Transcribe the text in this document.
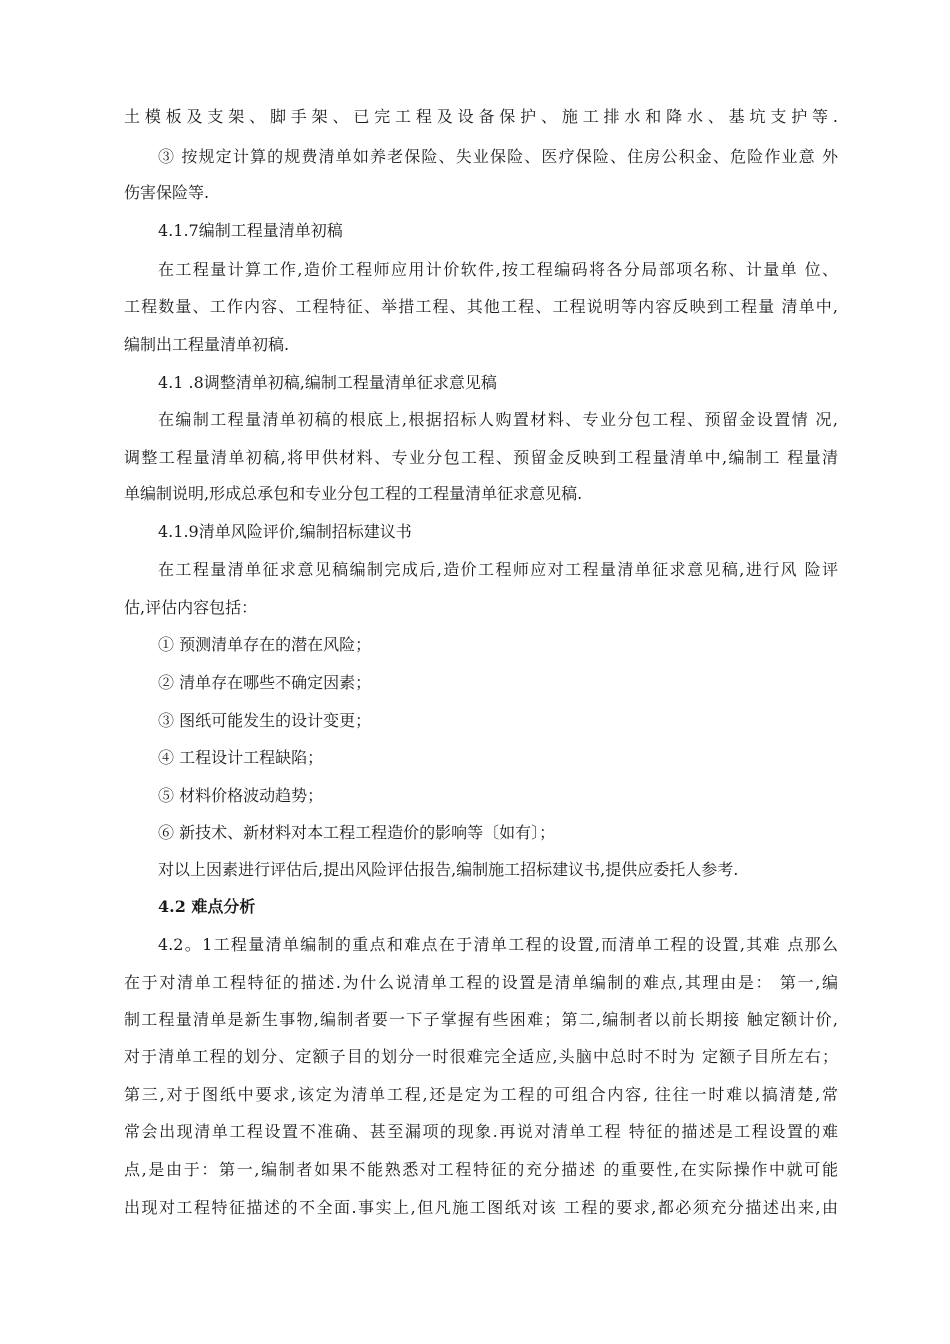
土模板及支架、脚手架、已完工程及设备保护、施工排水和降水、基坑支护等.
③ 按规定计算的规费清单如养老保险、失业保险、医疗保险、住房公积金、危险作业意 外
伤害保险等.
4.1.7编制工程量清单初稿
在工程量计算工作,造价工程师应用计价软件,按工程编码将各分局部项名称、计量单 位、
工程数量、工作内容、工程特征、举措工程、其他工程、工程说明等内容反映到工程量 清单中,
编制出工程量清单初稿.
4.1 .8调整清单初稿,编制工程量清单征求意见稿
在编制工程量清单初稿的根底上,根据招标人购置材料、专业分包工程、预留金设置情 况,
调整工程量清单初稿,将甲供材料、专业分包工程、预留金反映到工程量清单中,编制工 程量清
单编制说明,形成总承包和专业分包工程的工程量清单征求意见稿.
4.1.9清单风险评价,编制招标建议书
在工程量清单征求意见稿编制完成后,造价工程师应对工程量清单征求意见稿,进行风 险评
估,评估内容包括：
① 预测清单存在的潜在风险；
② 清单存在哪些不确定因素；
③ 图纸可能发生的设计变更；
④ 工程设计工程缺陷；
⑤ 材料价格波动趋势；
⑥ 新技术、新材料对本工程工程造价的影响等〔如有〕；
对以上因素进行评估后,提出风险评估报告,编制施工招标建议书,提供应委托人参考.
4.2 难点分析
4.2。1工程量清单编制的重点和难点在于清单工程的设置,而清单工程的设置,其难 点那么
在于对清单工程特征的描述.为什么说清单工程的设置是清单编制的难点,其理由是： 第一,编
制工程量清单是新生事物,编制者要一下子掌握有些困难；第二,编制者以前长期接 触定额计价,
对于清单工程的划分、定额子目的划分一时很难完全适应,头脑中总时不时为 定额子目所左右；
第三,对于图纸中要求,该定为清单工程,还是定为工程的可组合内容, 往往一时难以搞清楚,常
常会出现清单工程设置不准确、甚至漏项的现象.再说对清单工程 特征的描述是工程设置的难
点,是由于：第一,编制者如果不能熟悉对工程特征的充分描述 的重要性,在实际操作中就可能
出现对工程特征描述的不全面.事实上,但凡施工图纸对该 工程的要求,都必须充分描述出来,由
